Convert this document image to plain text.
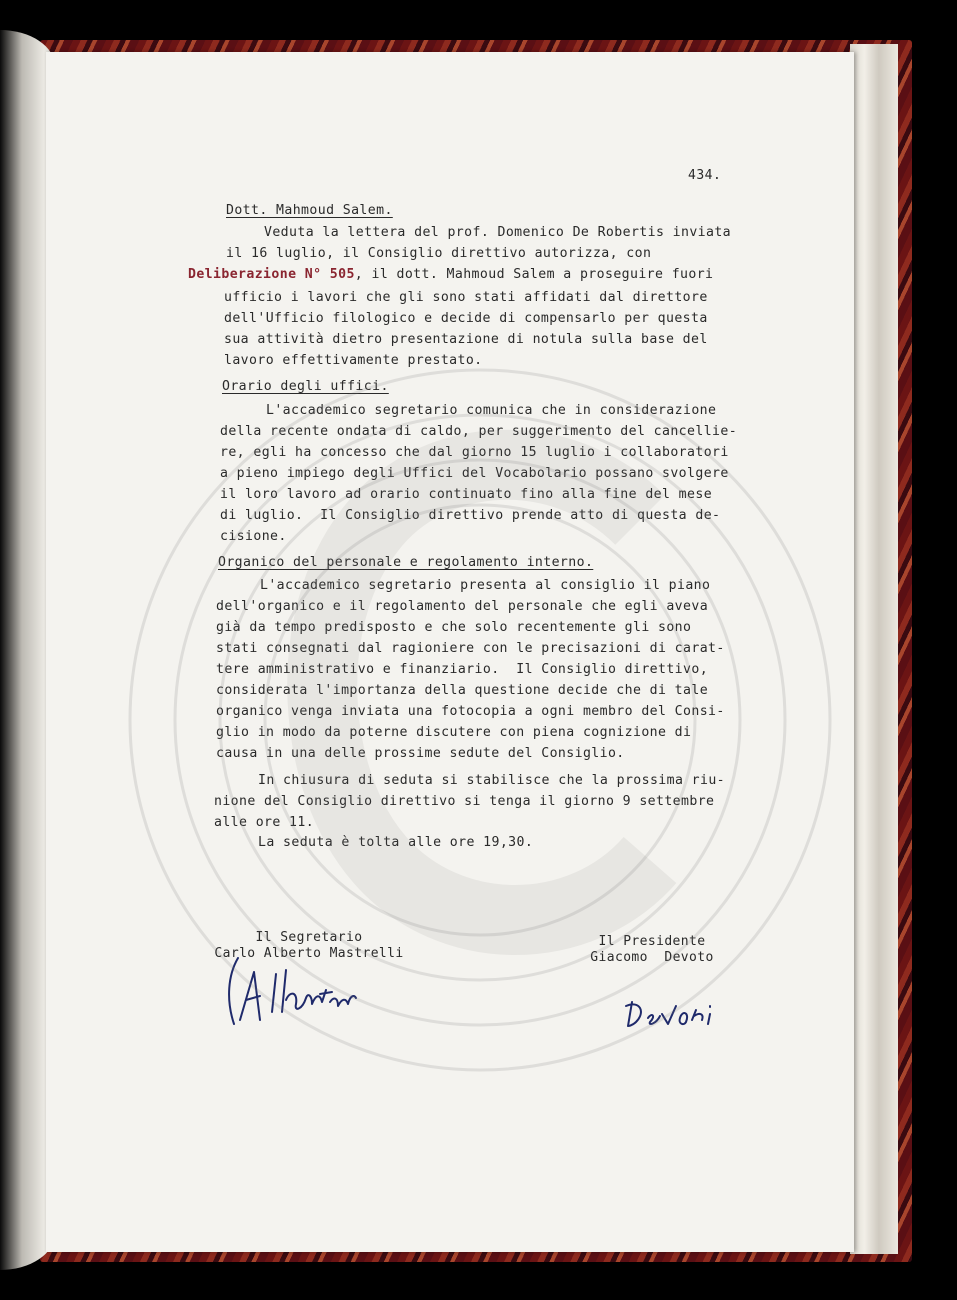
434.
Dott. Mahmoud Salem.
Veduta la lettera del prof. Domenico De Robertis inviata
il 16 luglio, il Consiglio direttivo autorizza, con
Deliberazione N° 505, il dott. Mahmoud Salem a proseguire fuori
ufficio i lavori che gli sono stati affidati dal direttore
dell'Ufficio filologico e decide di compensarlo per questa
sua attività dietro presentazione di notula sulla base del
lavoro effettivamente prestato.
Orario degli uffici.
L'accademico segretario comunica che in considerazione
della recente ondata di caldo, per suggerimento del cancellie-
re, egli ha concesso che dal giorno 15 luglio i collaboratori
a pieno impiego degli Uffici del Vocabolario possano svolgere
il loro lavoro ad orario continuato fino alla fine del mese
di luglio.  Il Consiglio direttivo prende atto di questa de-
cisione.
Organico del personale e regolamento interno.
L'accademico segretario presenta al consiglio il piano
dell'organico e il regolamento del personale che egli aveva
già da tempo predisposto e che solo recentemente gli sono
stati consegnati dal ragioniere con le precisazioni di carat-
tere amministrativo e finanziario.  Il Consiglio direttivo,
considerata l'importanza della questione decide che di tale
organico venga inviata una fotocopia a ogni membro del Consi-
glio in modo da poterne discutere con piena cognizione di
causa in una delle prossime sedute del Consiglio.
In chiusura di seduta si stabilisce che la prossima riu-
nione del Consiglio direttivo si tenga il giorno 9 settembre
alle ore 11.
La seduta è tolta alle ore 19,30.
Il Segretario
Carlo Alberto Mastrelli
Il Presidente
Giacomo  Devoto
